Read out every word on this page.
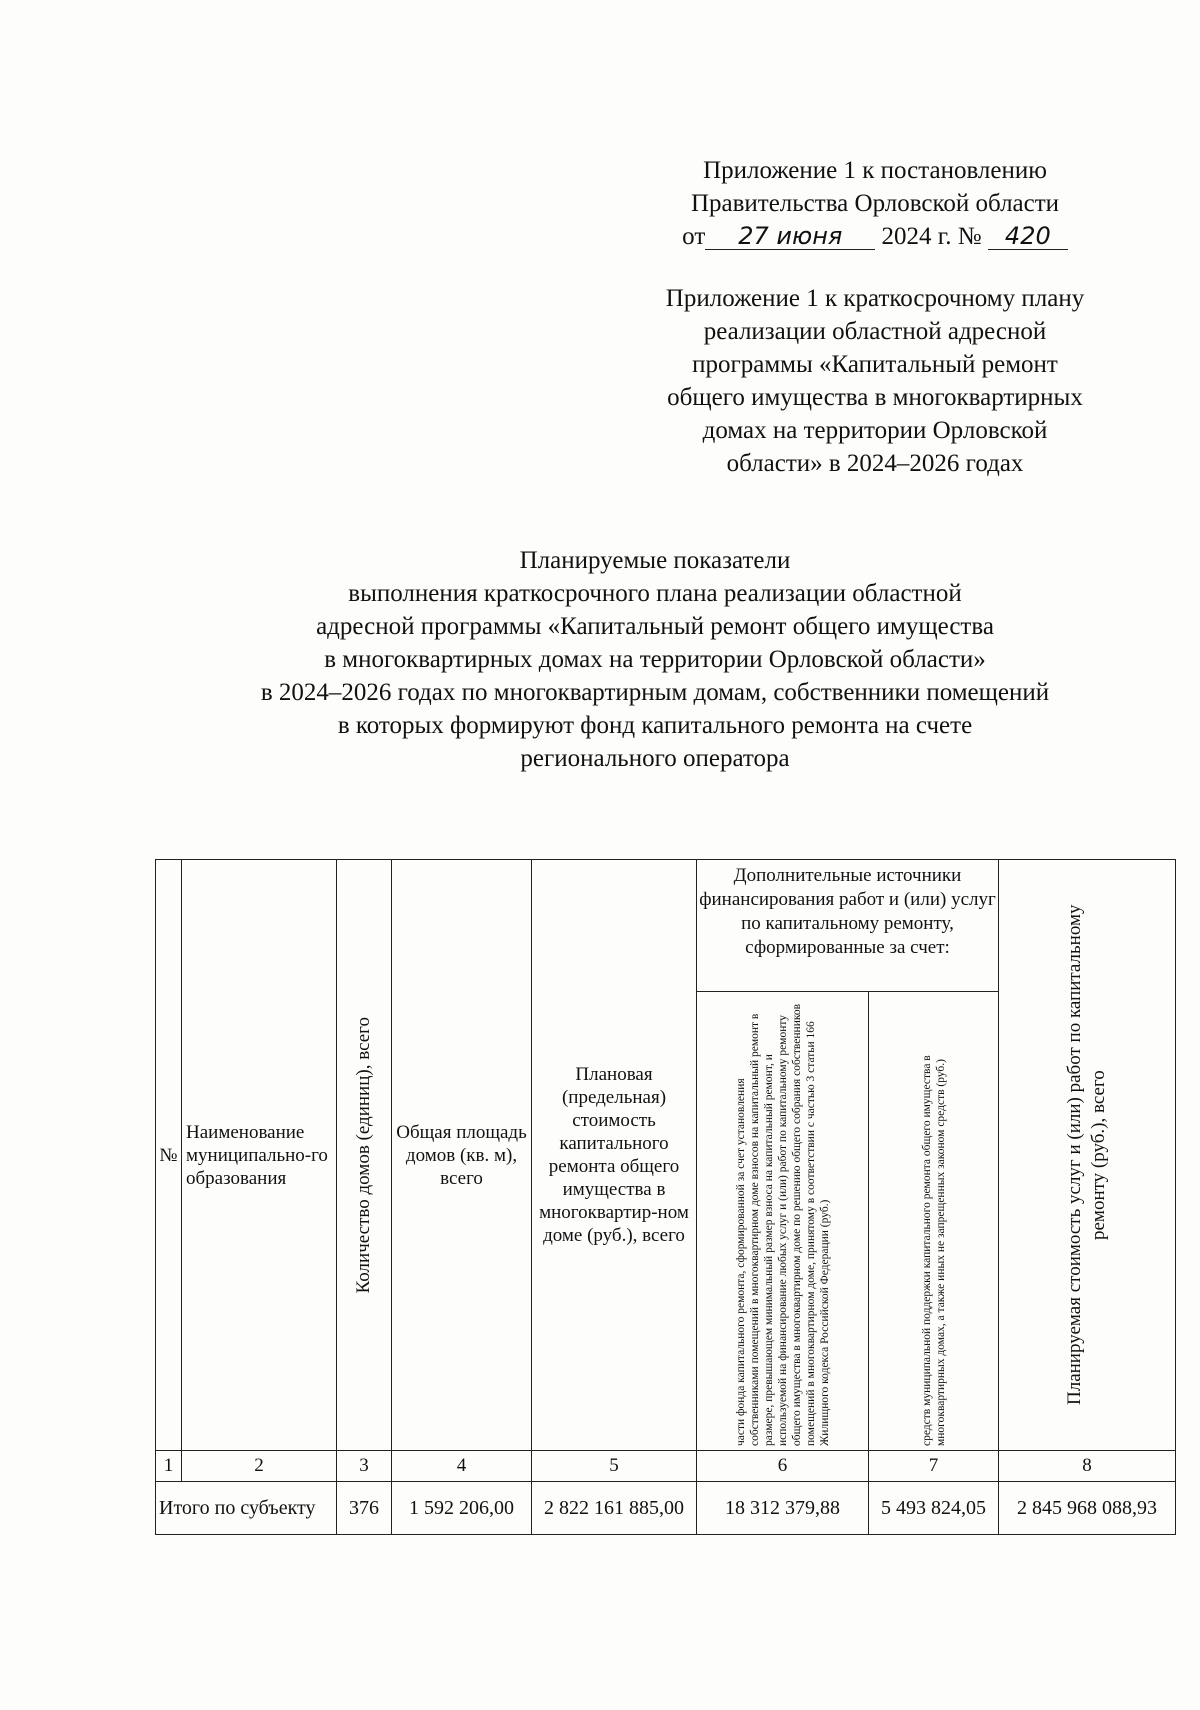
Приложение 1 к постановлению
Правительства Орловской области
от 27 июня 2024 г. № 420
Приложение 1 к краткосрочному плану
реализации областной адресной
программы «Капитальный ремонт
общего имущества в многоквартирных
домах на территории Орловской
области» в 2024–2026 годах
Планируемые показатели
выполнения краткосрочного плана реализации областной
адресной программы «Капитальный ремонт общего имущества
в многоквартирных домах на территории Орловской области»
в 2024–2026 годах по многоквартирным домам, собственники помещений
в которых формируют фонд капитального ремонта на счете
регионального оператора
№	Наименование муниципально-го образования	Количество домов (единиц), всего	Общая площадь домов (кв. м), всего	Плановая (предельная) стоимость капитального ремонта общего имущества в многоквартир-ном доме (руб.), всего	Дополнительные источники финансирования работ и (или) услуг по капитальному ремонту, сформированные за счет:		Планируемая стоимость услуг и (или) работ по капитальному ремонту (руб.), всего

					части фонда капитального ремонта, сформированной за счет установления собственниками помещений в многоквартирном доме взносов на капитальный ремонт в размере, превышающем минимальный размер взноса на капитальный ремонт, и используемой на финансирование любых услуг и (или) работ по капитальному ремонту общего имущества в многоквартирном доме по решению общего собрания собственников помещений в многоквартирном доме, принятому в соответствии с частью 3 статьи 166 Жилищного кодекса Российской Федерации (руб.)	средств муниципальной поддержки капитального ремонта общего имущества в многоквартирных домах, а также иных не запрещенных законом средств (руб.)	

1	2	3	4	5	6	7	8
Итого по субъекту		376	1 592 206,00	2 822 161 885,00	18 312 379,88	5 493 824,05	2 845 968 088,93
